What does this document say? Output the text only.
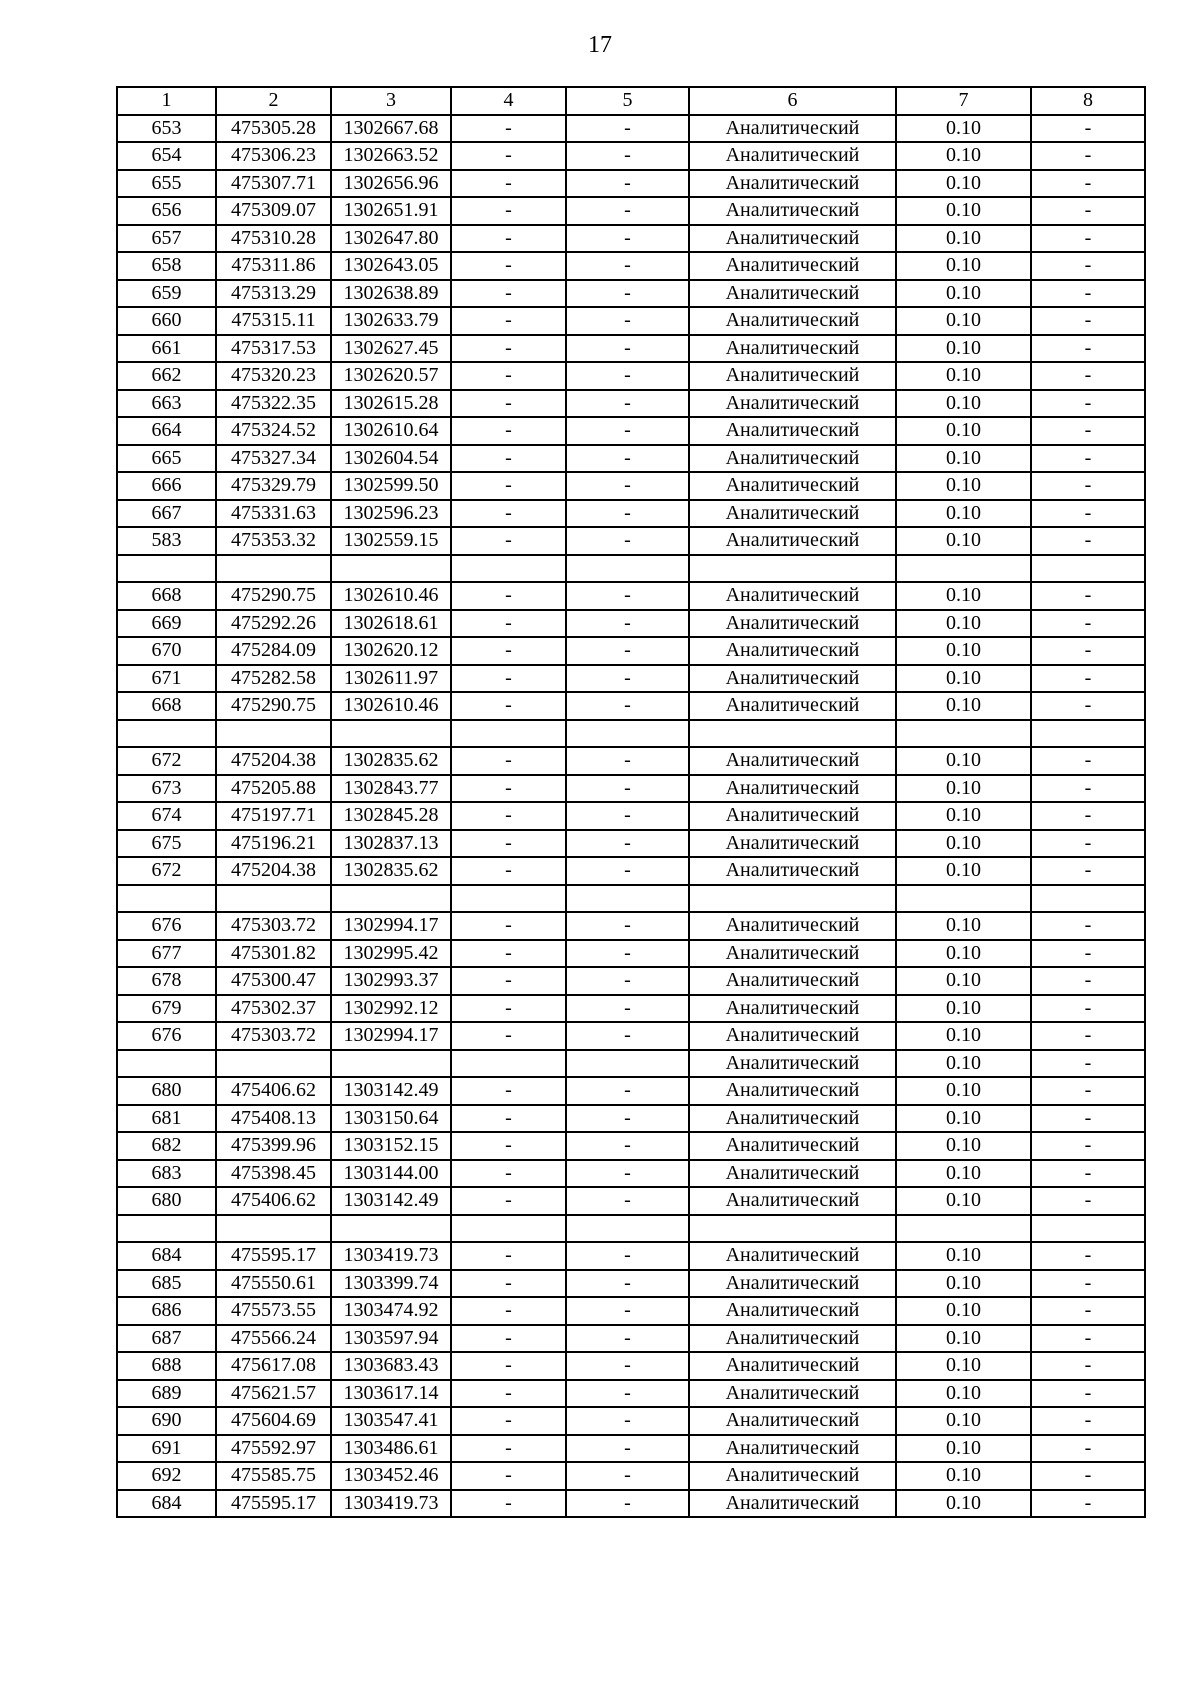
17
1	2	3	4	5	6	7	8
653	475305.28	1302667.68	-	-	Аналитический	0.10	-
654	475306.23	1302663.52	-	-	Аналитический	0.10	-
655	475307.71	1302656.96	-	-	Аналитический	0.10	-
656	475309.07	1302651.91	-	-	Аналитический	0.10	-
657	475310.28	1302647.80	-	-	Аналитический	0.10	-
658	475311.86	1302643.05	-	-	Аналитический	0.10	-
659	475313.29	1302638.89	-	-	Аналитический	0.10	-
660	475315.11	1302633.79	-	-	Аналитический	0.10	-
661	475317.53	1302627.45	-	-	Аналитический	0.10	-
662	475320.23	1302620.57	-	-	Аналитический	0.10	-
663	475322.35	1302615.28	-	-	Аналитический	0.10	-
664	475324.52	1302610.64	-	-	Аналитический	0.10	-
665	475327.34	1302604.54	-	-	Аналитический	0.10	-
666	475329.79	1302599.50	-	-	Аналитический	0.10	-
667	475331.63	1302596.23	-	-	Аналитический	0.10	-
583	475353.32	1302559.15	-	-	Аналитический	0.10	-

668	475290.75	1302610.46	-	-	Аналитический	0.10	-
669	475292.26	1302618.61	-	-	Аналитический	0.10	-
670	475284.09	1302620.12	-	-	Аналитический	0.10	-
671	475282.58	1302611.97	-	-	Аналитический	0.10	-
668	475290.75	1302610.46	-	-	Аналитический	0.10	-

672	475204.38	1302835.62	-	-	Аналитический	0.10	-
673	475205.88	1302843.77	-	-	Аналитический	0.10	-
674	475197.71	1302845.28	-	-	Аналитический	0.10	-
675	475196.21	1302837.13	-	-	Аналитический	0.10	-
672	475204.38	1302835.62	-	-	Аналитический	0.10	-

676	475303.72	1302994.17	-	-	Аналитический	0.10	-
677	475301.82	1302995.42	-	-	Аналитический	0.10	-
678	475300.47	1302993.37	-	-	Аналитический	0.10	-
679	475302.37	1302992.12	-	-	Аналитический	0.10	-
676	475303.72	1302994.17	-	-	Аналитический	0.10	-
					Аналитический	0.10	-
680	475406.62	1303142.49	-	-	Аналитический	0.10	-
681	475408.13	1303150.64	-	-	Аналитический	0.10	-
682	475399.96	1303152.15	-	-	Аналитический	0.10	-
683	475398.45	1303144.00	-	-	Аналитический	0.10	-
680	475406.62	1303142.49	-	-	Аналитический	0.10	-

684	475595.17	1303419.73	-	-	Аналитический	0.10	-
685	475550.61	1303399.74	-	-	Аналитический	0.10	-
686	475573.55	1303474.92	-	-	Аналитический	0.10	-
687	475566.24	1303597.94	-	-	Аналитический	0.10	-
688	475617.08	1303683.43	-	-	Аналитический	0.10	-
689	475621.57	1303617.14	-	-	Аналитический	0.10	-
690	475604.69	1303547.41	-	-	Аналитический	0.10	-
691	475592.97	1303486.61	-	-	Аналитический	0.10	-
692	475585.75	1303452.46	-	-	Аналитический	0.10	-
684	475595.17	1303419.73	-	-	Аналитический	0.10	-
